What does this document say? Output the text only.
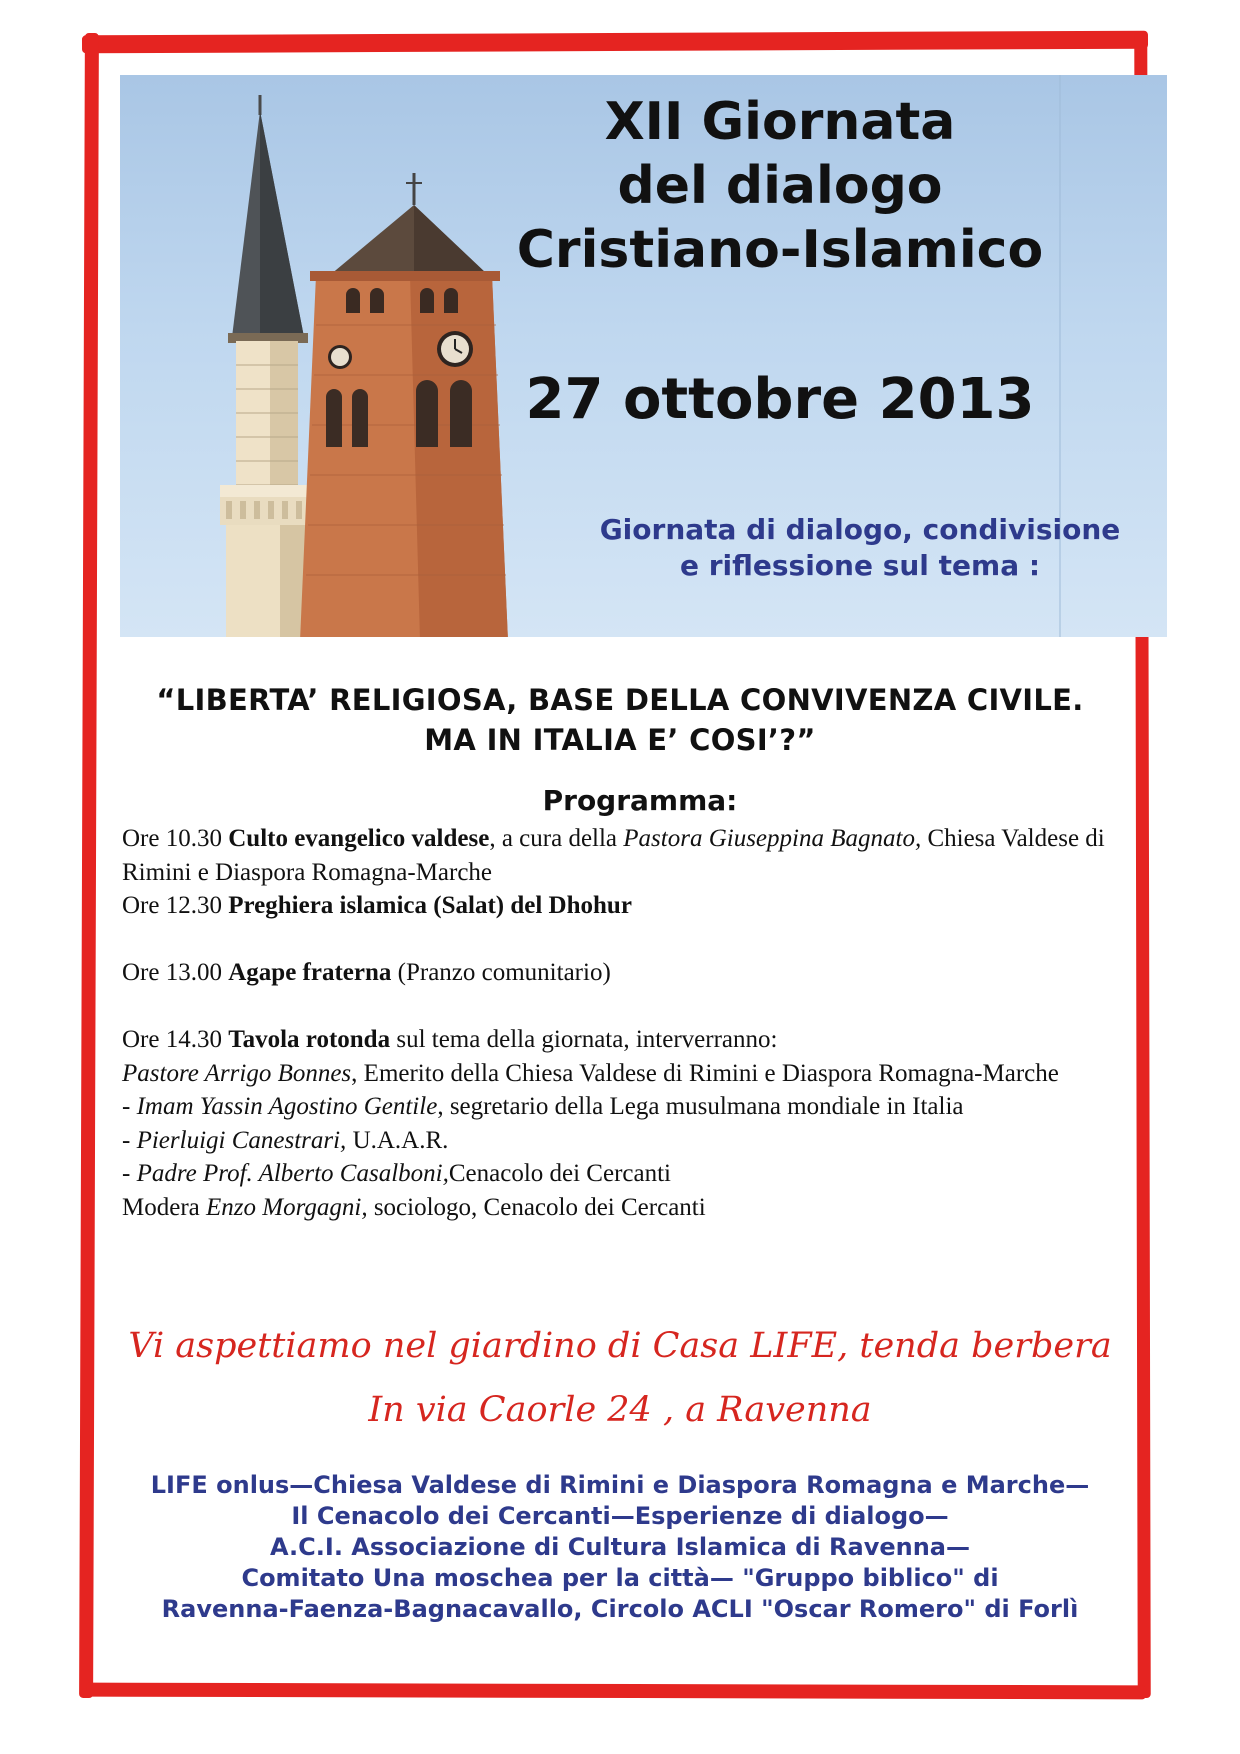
XII Giornata
del dialogo
Cristiano-Islamico
27 ottobre 2013
Giornata di dialogo, condivisione
e riflessione sul tema :
“LIBERTA’ RELIGIOSA, BASE DELLA CONVIVENZA CIVILE.
MA IN ITALIA E’ COSI’?”
Programma:

Ore 10.30 Culto evangelico valdese, a cura della Pastora Giuseppina Bagnato, Chiesa Valdese di Rimini e Diaspora Romagna-Marche

Ore 12.30 Preghiera islamica (Salat) del Dhohur

Ore 13.00 Agape fraterna (Pranzo comunitario)

Ore 14.30 Tavola rotonda sul tema della giornata, interverranno:

Pastore Arrigo Bonnes, Emerito della Chiesa Valdese di Rimini e Diaspora Romagna-Marche

- Imam Yassin Agostino Gentile, segretario della Lega musulmana mondiale in Italia

- Pierluigi Canestrari, U.A.A.R.

- Padre Prof. Alberto Casalboni,Cenacolo dei Cercanti

Modera Enzo Morgagni, sociologo, Cenacolo dei Cercanti

Vi aspettiamo nel giardino di Casa LIFE, tenda berbera
In via Caorle 24 , a Ravenna

LIFE onlus—Chiesa Valdese di Rimini e Diaspora Romagna e Marche—

Il Cenacolo dei Cercanti—Esperienze di dialogo—

A.C.I. Associazione di Cultura Islamica di Ravenna—

Comitato Una moschea per la città— "Gruppo biblico" di

Ravenna-Faenza-Bagnacavallo, Circolo ACLI "Oscar Romero" di Forlì
